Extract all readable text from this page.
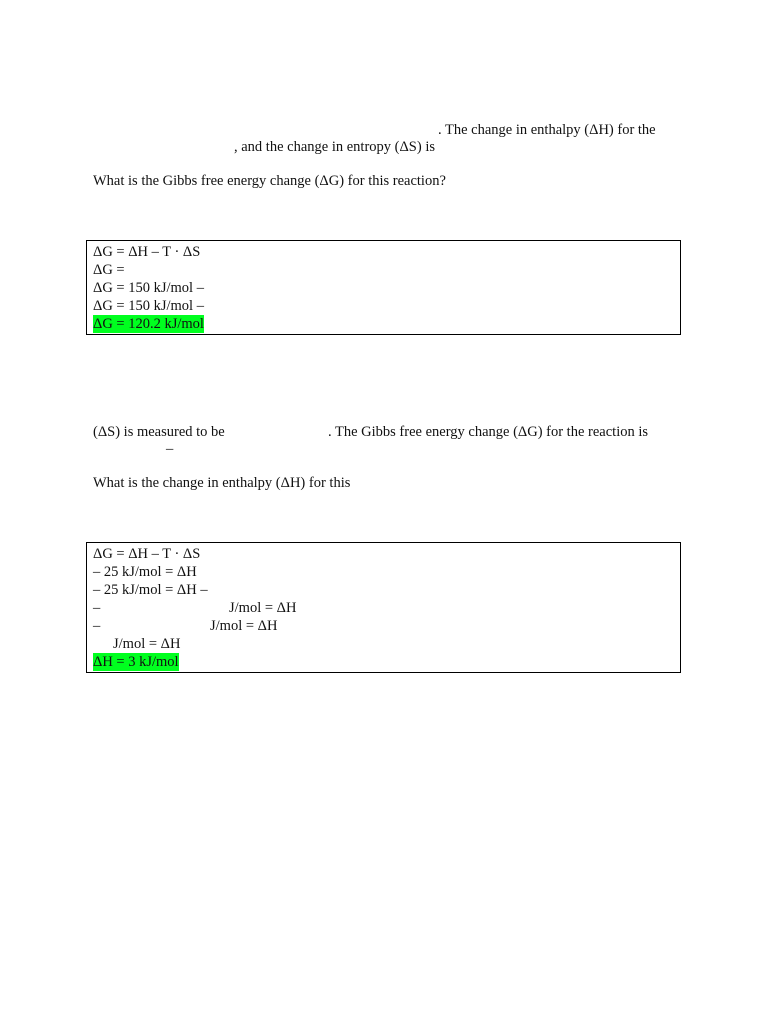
. The change in enthalpy (ΔH) for the
, and the change in entropy (ΔS) is
What is the Gibbs free energy change (ΔG) for this reaction?
ΔG = ΔH – T · ΔS
ΔG =
ΔG = 150 kJ/mol –
ΔG = 150 kJ/mol –
ΔG = 120.2 kJ/mol
(ΔS) is measured to be	. The Gibbs free energy change (ΔG) for the reaction is
–
What is the change in enthalpy (ΔH) for this
ΔG = ΔH – T · ΔS
– 25 kJ/mol = ΔH
– 25 kJ/mol = ΔH –
–	J/mol = ΔH
–	J/mol = ΔH
J/mol = ΔH
ΔH = 3 kJ/mol
